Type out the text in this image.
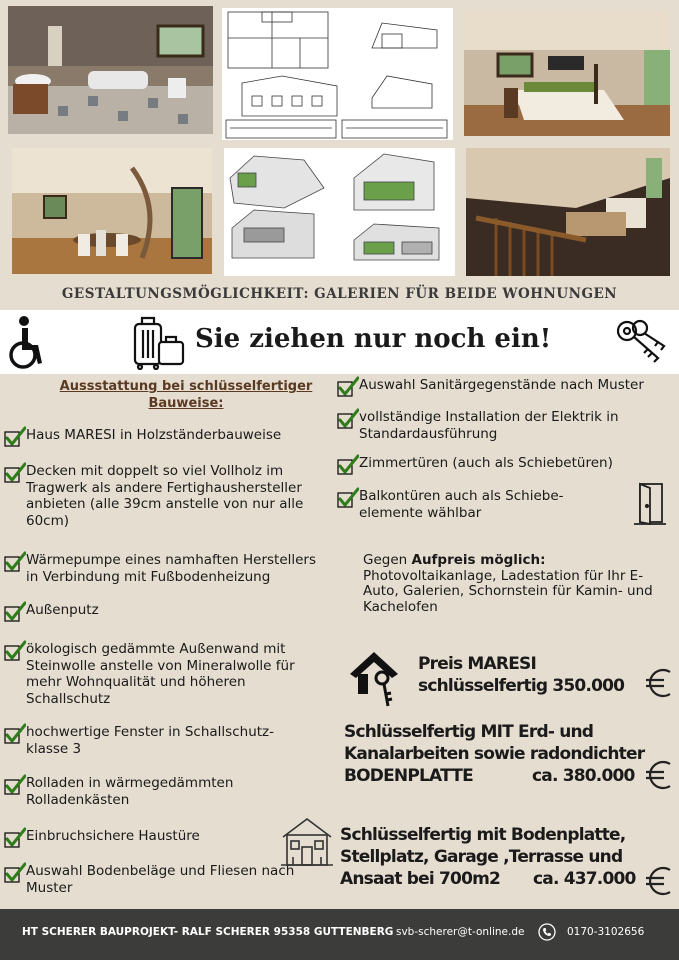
GESTALTUNGSMÖGLICHKEIT: GALERIEN FÜR BEIDE WOHNUNGEN
Sie ziehen nur noch ein!
Aussstattung bei schlüsselfertiger
Bauweise:
Haus MARESI in Holzständerbauweise
Decken mit doppelt so viel Vollholz im
Tragwerk als andere Fertighaushersteller
anbieten (alle 39cm anstelle von nur alle
60cm)
Wärmepumpe eines namhaften Herstellers
in Verbindung mit Fußbodenheizung
Außenputz
ökologisch gedämmte Außenwand mit
Steinwolle anstelle von Mineralwolle für
mehr Wohnqualität und höheren
Schallschutz
hochwertige Fenster in Schallschutz-
klasse 3
Rolladen in wärmegedämmten
Rolladenkästen
Einbruchsichere Haustüre
Auswahl Bodenbeläge und Fliesen nach
Muster
Auswahl Sanitärgegenstände nach Muster
vollständige Installation der Elektrik in
Standardausführung
Zimmertüren (auch als Schiebetüren)
Balkontüren auch als Schiebe-
elemente wählbar
Gegen Aufpreis möglich:
Photovoltaikanlage, Ladestation für Ihr E-
Auto, Galerien, Schornstein für Kamin- und
Kachelofen
Preis MARESI
schlüsselfertig 350.000
Schlüsselfertig MIT Erd- und
Kanalarbeiten sowie radondichter
BODENPLATTE	ca. 380.000
Schlüsselfertig mit Bodenplatte,
Stellplatz, Garage ,Terrasse und
Ansaat bei 700m2 ca. 437.000
HT SCHERER BAUPROJEKT- RALF SCHERER 95358 GUTTENBERG svb-scherer@t-online.de	0170-3102656
